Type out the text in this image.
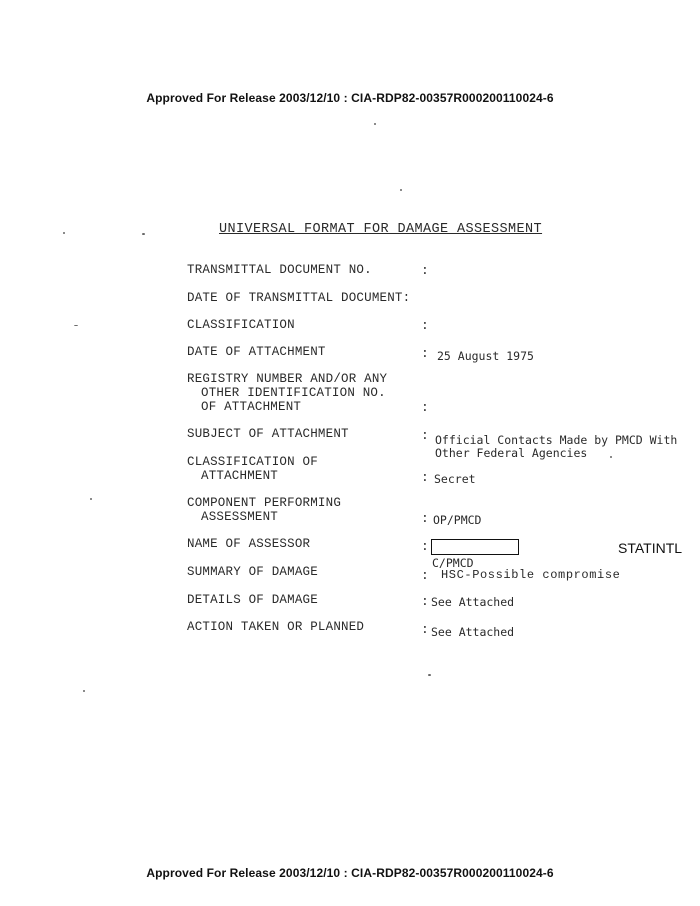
Approved For Release 2003/12/10 : CIA-RDP82-00357R000200110024-6
UNIVERSAL FORMAT FOR DAMAGE ASSESSMENT
TRANSMITTAL DOCUMENT NO.	:
DATE OF TRANSMITTAL DOCUMENT:
CLASSIFICATION	:
DATE OF ATTACHMENT	: 25 August 1975
REGISTRY NUMBER AND/OR ANY
OTHER IDENTIFICATION NO.
OF ATTACHMENT	:
SUBJECT OF ATTACHMENT	: Official Contacts Made by PMCD With
Other Federal Agencies
CLASSIFICATION OF
ATTACHMENT	: Secret
COMPONENT PERFORMING
ASSESSMENT	: OP/PMCD
NAME OF ASSESSOR	:	STATINTL
C/PMCD
SUMMARY OF DAMAGE	: HSC-Possible compromise
DETAILS OF DAMAGE	: See Attached
ACTION TAKEN OR PLANNED	: See Attached
Approved For Release 2003/12/10 : CIA-RDP82-00357R000200110024-6
